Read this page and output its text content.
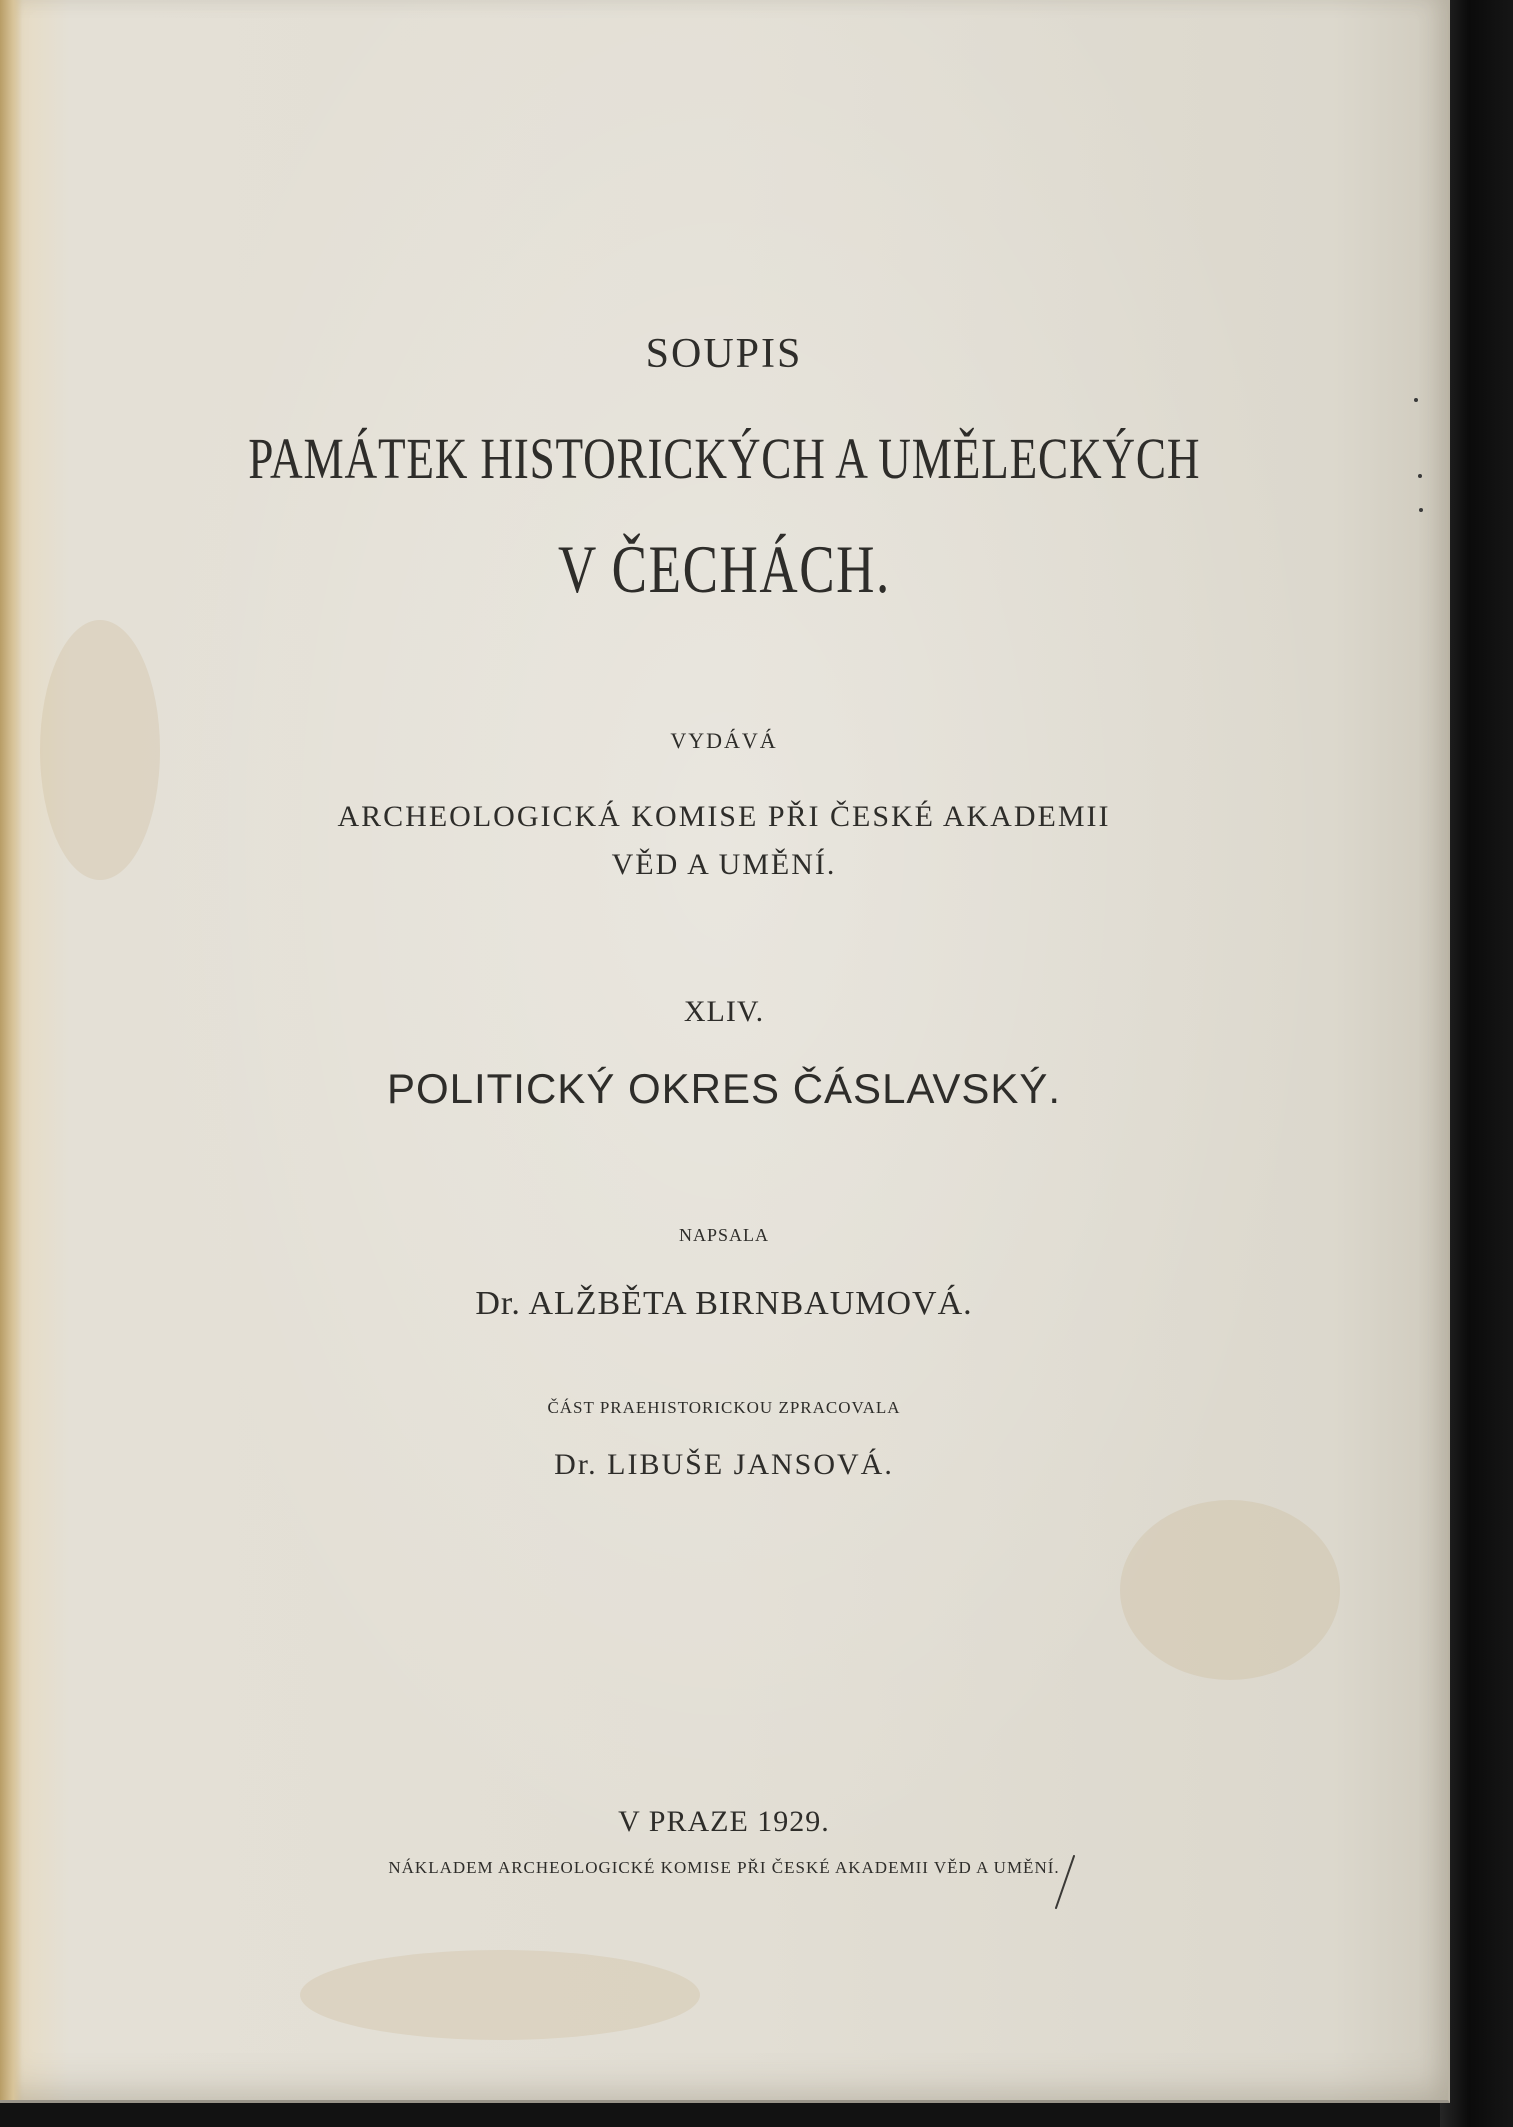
SOUPIS
PAMÁTEK HISTORICKÝCH A UMĚLECKÝCH
V ČECHÁCH.
VYDÁVÁ
ARCHEOLOGICKÁ KOMISE PŘI ČESKÉ AKADEMII
VĚD A UMĚNÍ.
XLIV.
POLITICKÝ OKRES ČÁSLAVSKÝ.
NAPSALA
Dr. ALŽBĚTA BIRNBAUMOVÁ.
ČÁST PRAEHISTORICKOU ZPRACOVALA
Dr. LIBUŠE JANSOVÁ.
V PRAZE 1929.
NÁKLADEM ARCHEOLOGICKÉ KOMISE PŘI ČESKÉ AKADEMII VĚD A UMĚNÍ.
